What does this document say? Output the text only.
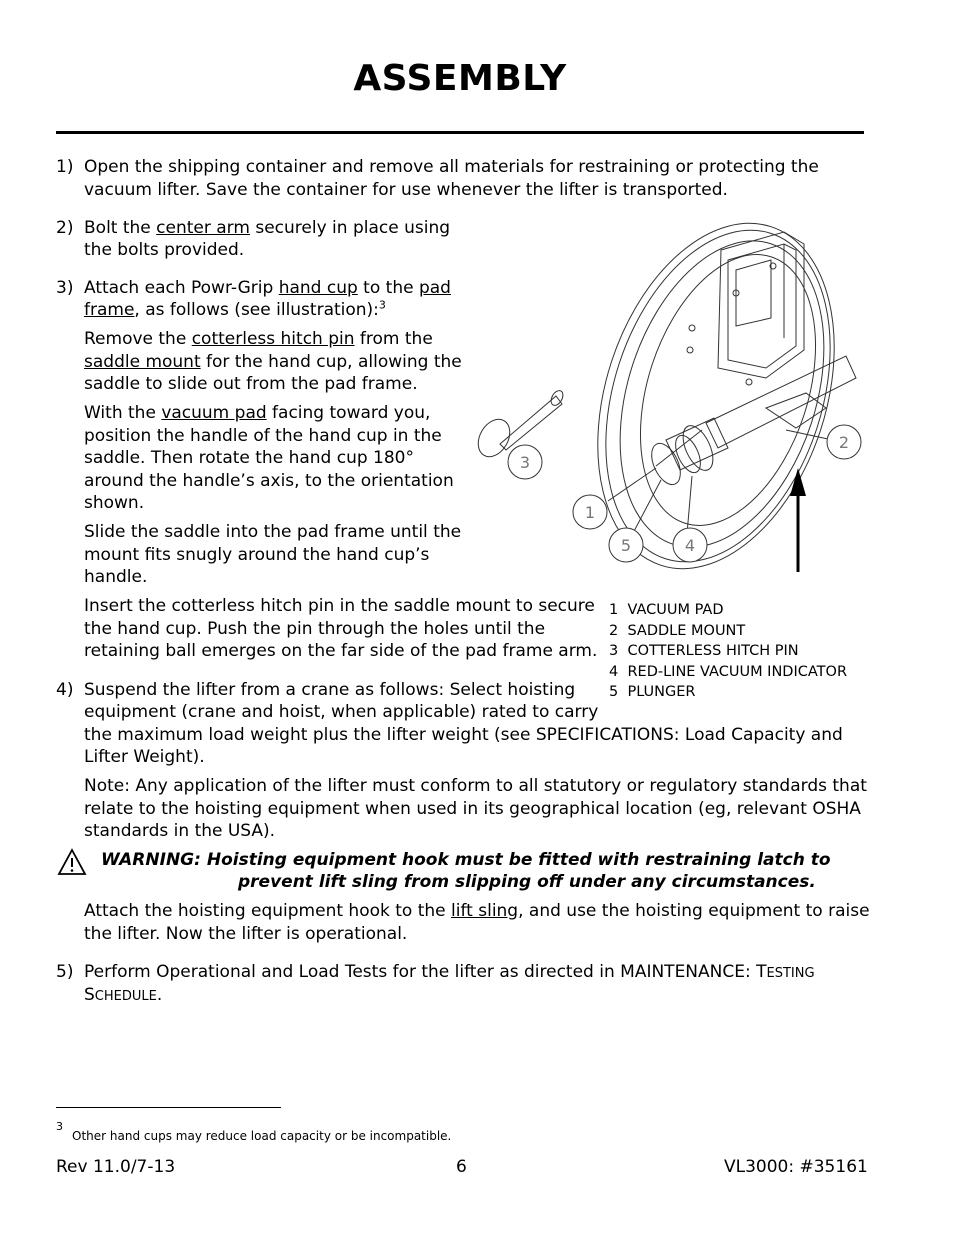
ASSEMBLY
1) Open the shipping container and remove all materials for restraining or protecting the vacuum lifter. Save the container for use whenever the lifter is transported.
2) Bolt the center arm securely in place using
the bolts provided.
3) Attach each Powr-Grip hand cup to the pad
frame, as follows (see illustration):$^3$
Remove the cotterless hitch pin from the
saddle mount for the hand cup, allowing the
saddle to slide out from the pad frame.
With the vacuum pad facing toward you,
position the handle of the hand cup in the
saddle. Then rotate the hand cup 180°
around the handle’s axis, to the orientation
shown.
Slide the saddle into the pad frame until the
mount fits snugly around the hand cup’s
handle.
Insert the cotterless hitch pin in the saddle mount to secure
the hand cup. Push the pin through the holes until the
retaining ball emerges on the far side of the pad frame arm.
1
2
3
4
5
1 VACUUM PAD
2 SADDLE MOUNT
3 COTTERLESS HITCH PIN
4 RED-LINE VACUUM INDICATOR
5 PLUNGER
4) Suspend the lifter from a crane as follows: Select hoisting
equipment (crane and hoist, when applicable) rated to carry
the maximum load weight plus the lifter weight (see SPECIFICATIONS: Load Capacity and
Lifter Weight).
Note: Any application of the lifter must conform to all statutory or regulatory standards that
relate to the hoisting equipment when used in its geographical location (eg, relevant OSHA
standards in the USA).
WARNING: Hoisting equipment hook must be fitted with restraining latch to
prevent lift sling from slipping off under any circumstances.
Attach the hoisting equipment hook to the lift sling, and use the hoisting equipment to raise
the lifter. Now the lifter is operational.
5) Perform Operational and Load Tests for the lifter as directed in MAINTENANCE: TESTING
SCHEDULE.
3
Other hand cups may reduce load capacity or be incompatible.
Rev 11.0/7-13	6	VL3000: #35161
